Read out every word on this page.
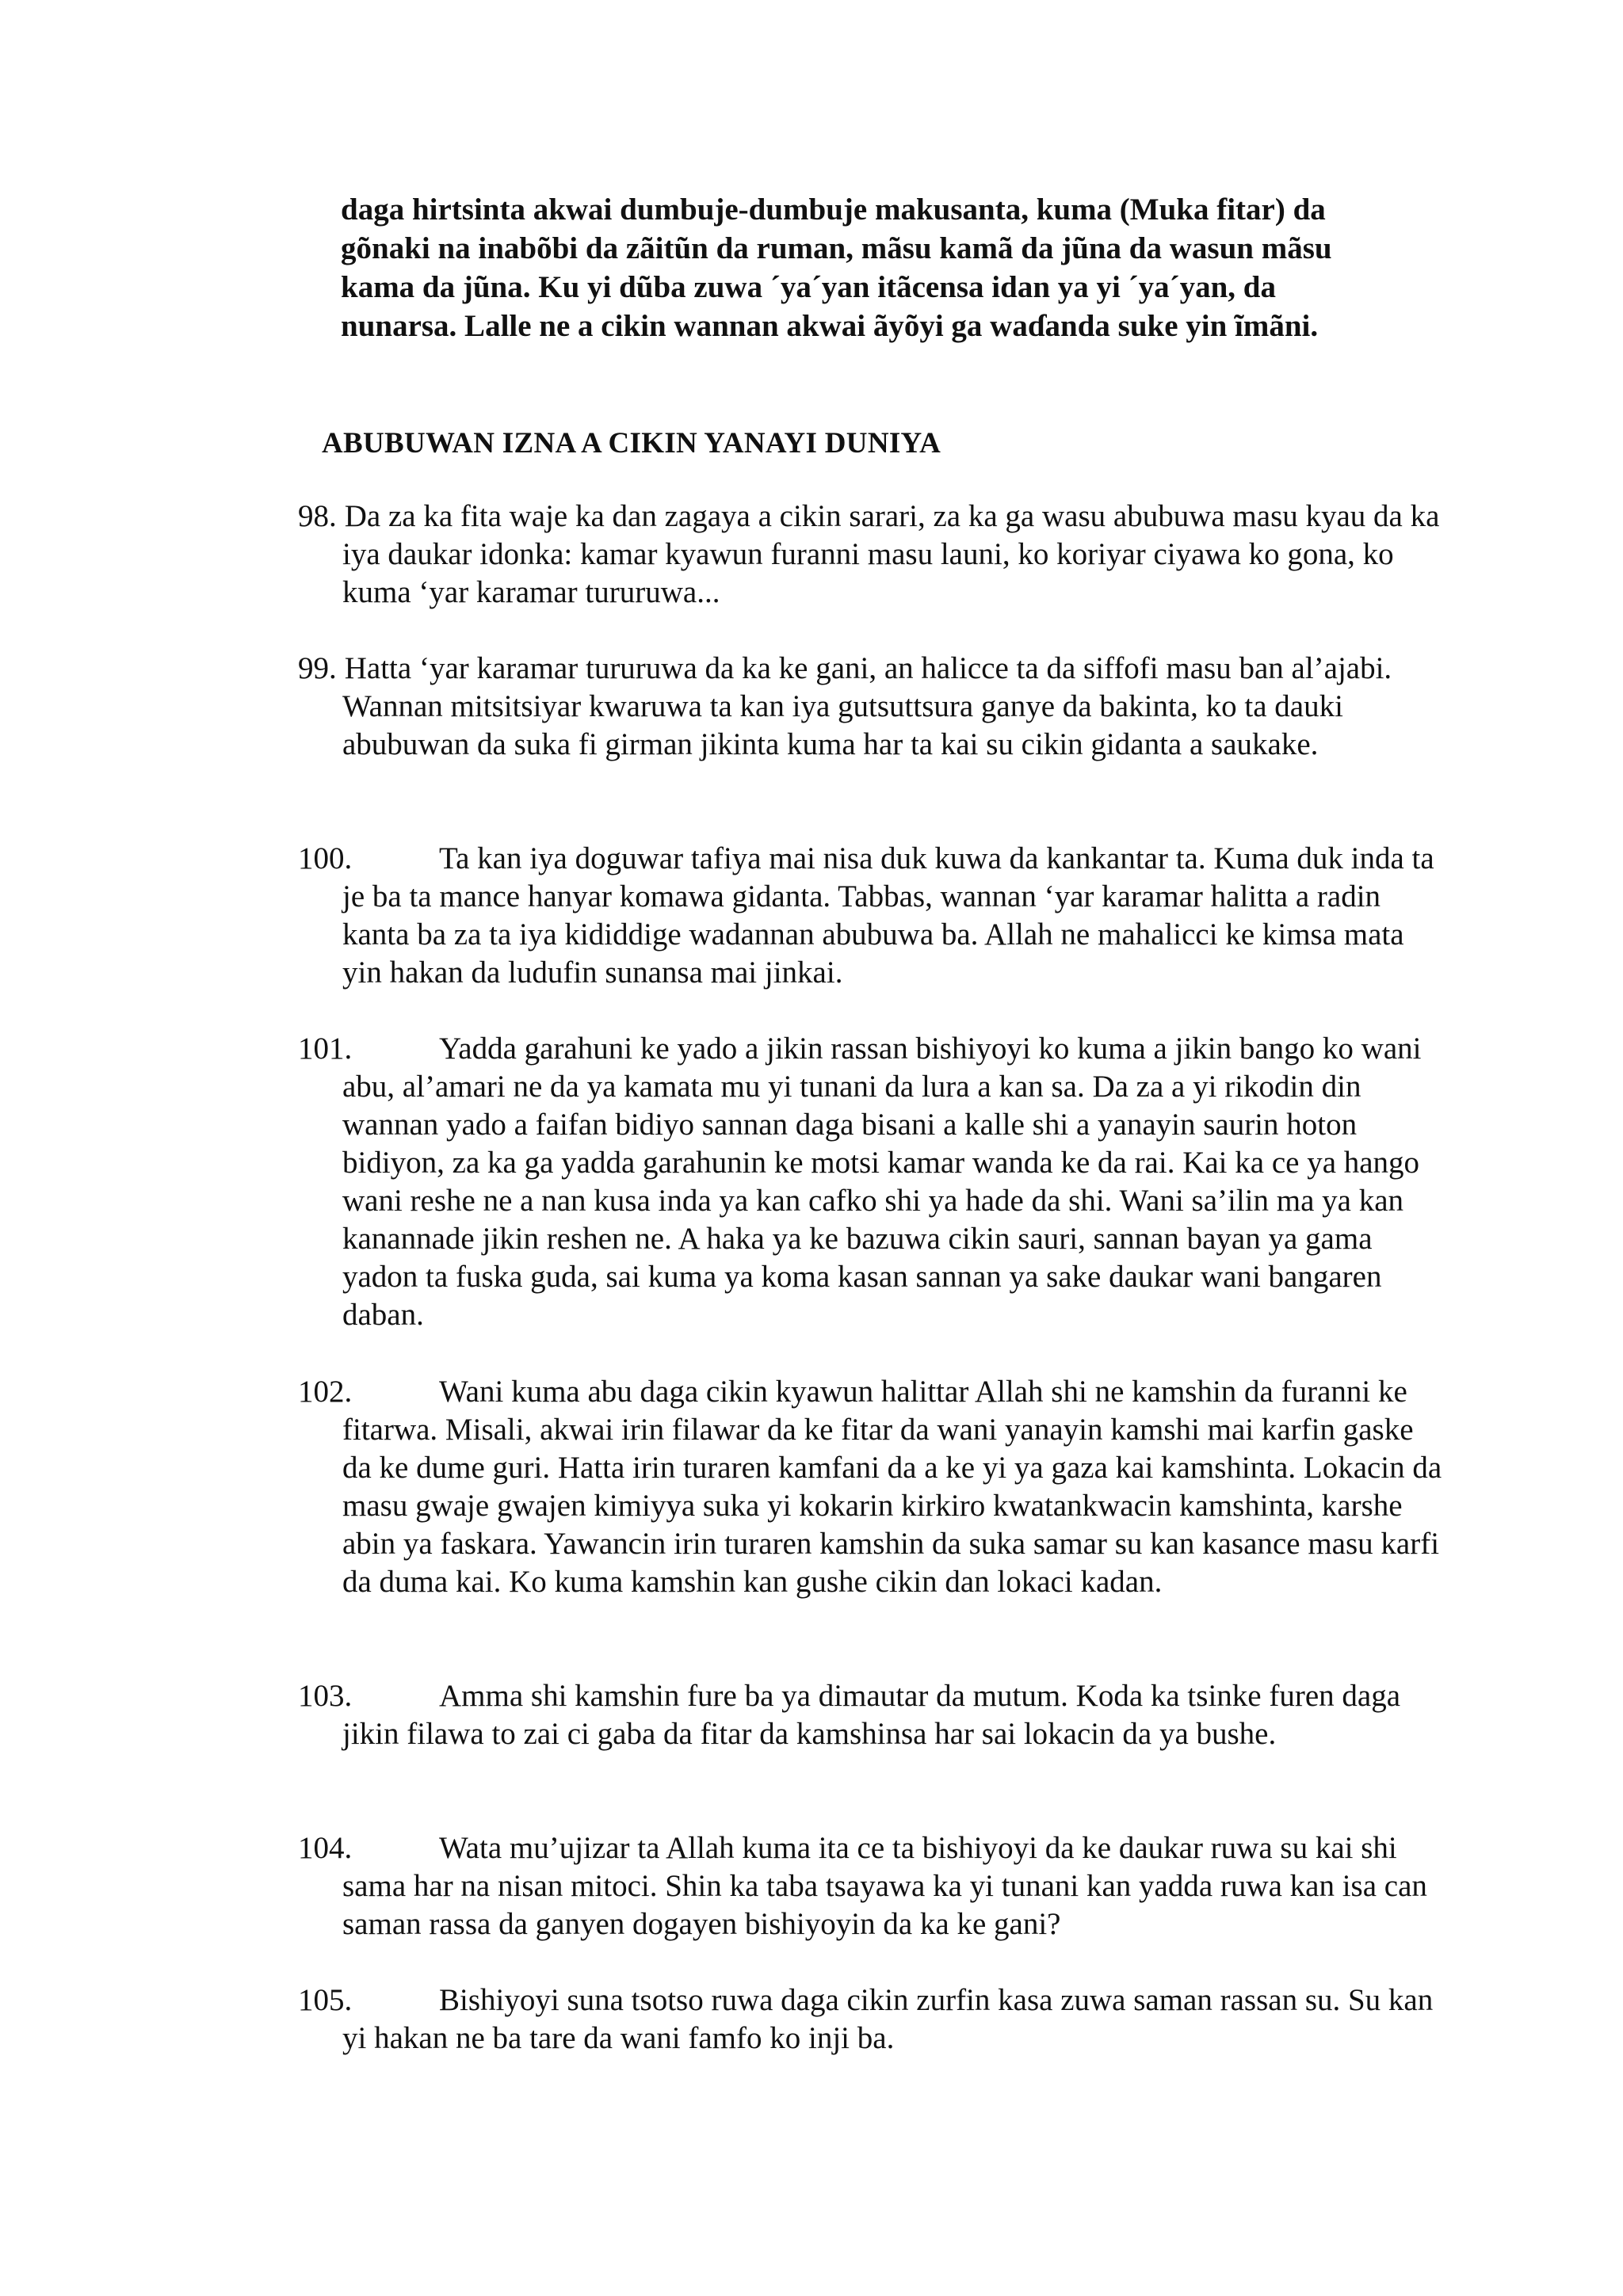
daga hirtsinta akwai dumbuje-dumbuje makusanta, kuma (Muka fitar) da gõnaki na inabõbi da zãitũn da ruman, mãsu kamã da jũna da wasun mãsu kama da jũna. Ku yi dũba zuwa ´ya´yan itãcensa idan ya yi ´ya´yan, da nunarsa. Lalle ne a cikin wannan akwai ãyõyi ga waɗanda suke yin ĩmãni.

ABUBUWAN IZNA A CIKIN YANAYI DUNIYA

98. Da za ka fita waje ka dan zagaya a cikin sarari, za ka ga wasu abubuwa masu kyau da ka iya daukar idonka: kamar kyawun furanni masu launi, ko koriyar ciyawa ko gona, ko kuma ‘yar karamar tururuwa...

99. Hatta ‘yar karamar tururuwa da ka ke gani, an halicce ta da siffofi masu ban al’ajabi. Wannan mitsitsiyar kwaruwa ta kan iya gutsuttsura ganye da bakinta, ko ta dauki abubuwan da suka fi girman jikinta kuma har ta kai su cikin gidanta a saukake.

100.	Ta kan iya doguwar tafiya mai nisa duk kuwa da kankantar ta. Kuma duk inda ta je ba ta mance hanyar komawa gidanta. Tabbas, wannan ‘yar karamar halitta a radin kanta ba za ta iya kididdige wadannan abubuwa ba. Allah ne mahalicci ke kimsa mata yin hakan da ludufin sunansa mai jinkai.

101.	Yadda garahuni ke yado a jikin rassan bishiyoyi ko kuma a jikin bango ko wani abu, al’amari ne da ya kamata mu yi tunani da lura a kan sa. Da za a yi rikodin din wannan yado a faifan bidiyo sannan daga bisani a kalle shi a yanayin saurin hoton bidiyon, za ka ga yadda garahunin ke motsi kamar wanda ke da rai. Kai ka ce ya hango wani reshe ne a nan kusa inda ya kan cafko shi ya hade da shi. Wani sa’ilin ma ya kan kanannade jikin reshen ne. A haka ya ke bazuwa cikin sauri, sannan bayan ya gama yadon ta fuska guda, sai kuma ya koma kasan sannan ya sake daukar wani bangaren daban.

102.	Wani kuma abu daga cikin kyawun halittar Allah shi ne kamshin da furanni ke fitarwa. Misali, akwai irin filawar da ke fitar da wani yanayin kamshi mai karfin gaske da ke dume guri. Hatta irin turaren kamfani da a ke yi ya gaza kai kamshinta. Lokacin da masu gwaje gwajen kimiyya suka yi kokarin kirkiro kwatankwacin kamshinta, karshe abin ya faskara. Yawancin irin turaren kamshin da suka samar su kan kasance masu karfi da duma kai. Ko kuma kamshin kan gushe cikin dan lokaci kadan.

103.	Amma shi kamshin fure ba ya dimautar da mutum. Koda ka tsinke furen daga jikin filawa to zai ci gaba da fitar da kamshinsa har sai lokacin da ya bushe.

104.	Wata mu’ujizar ta Allah kuma ita ce ta bishiyoyi da ke daukar ruwa su kai shi sama har na nisan mitoci. Shin ka taba tsayawa ka yi tunani kan yadda ruwa kan isa can saman rassa da ganyen dogayen bishiyoyin da ka ke gani?

105.	Bishiyoyi suna tsotso ruwa daga cikin zurfin kasa zuwa saman rassan su. Su kan yi hakan ne ba tare da wani famfo ko inji ba.
